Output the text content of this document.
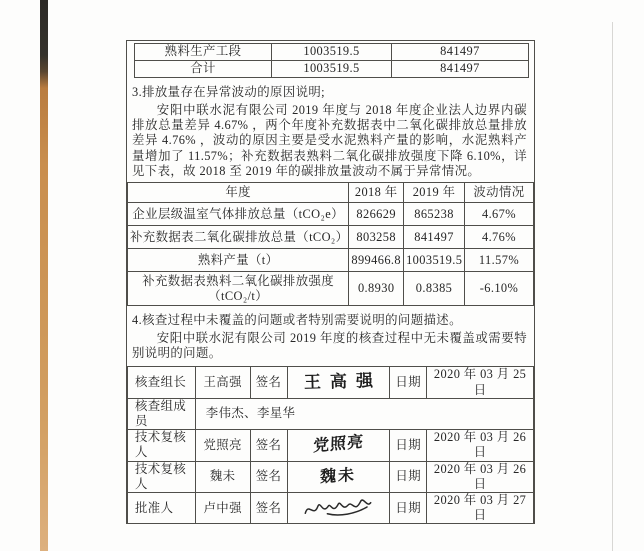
熟料生产工段	1003519.5	841497
合计	1003519.5	841497
3.排放量存在异常波动的原因说明;

安阳中联水泥有限公司 2019 年度与 2018 年度企业法人边界内碳排放总量差异 4.67% ，两个年度补充数据表中二氧化碳排放总量排放差异 4.76% ，波动的原因主要是受水泥熟料产量的影响，水泥熟料产量增加了 11.57%；补充数据表熟料二氧化碳排放强度下降 6.10%，详见下表，故 2018 至 2019 年的碳排放量波动不属于异常情况。

年度	2018 年	2019 年	波动情况
企业层级温室气体排放总量（tCO₂e）	826629	865238	4.67%
补充数据表二氧化碳排放总量（tCO₂）	803258	841497	4.76%
熟料产量（t）	899466.8	1003519.5	11.57%
补充数据表熟料二氧化碳排放强度（tCO₂/t）	0.8930	0.8385	-6.10%
4.核查过程中未覆盖的问题或者特别需要说明的问题描述。

安阳中联水泥有限公司 2019 年度的核查过程中无未覆盖或需要特别说明的问题。

核查组长	王高强	签名	王高强	日期	2020 年 03 月 25 日
核查组成员	李伟杰、李星华				
技术复核人	党照亮	签名	党照亮	日期	2020 年 03 月 26 日
技术复核人	魏未	签名	魏未	日期	2020 年 03 月 26 日
批准人	卢中强	签名		日期	2020 年 03 月 27 日
